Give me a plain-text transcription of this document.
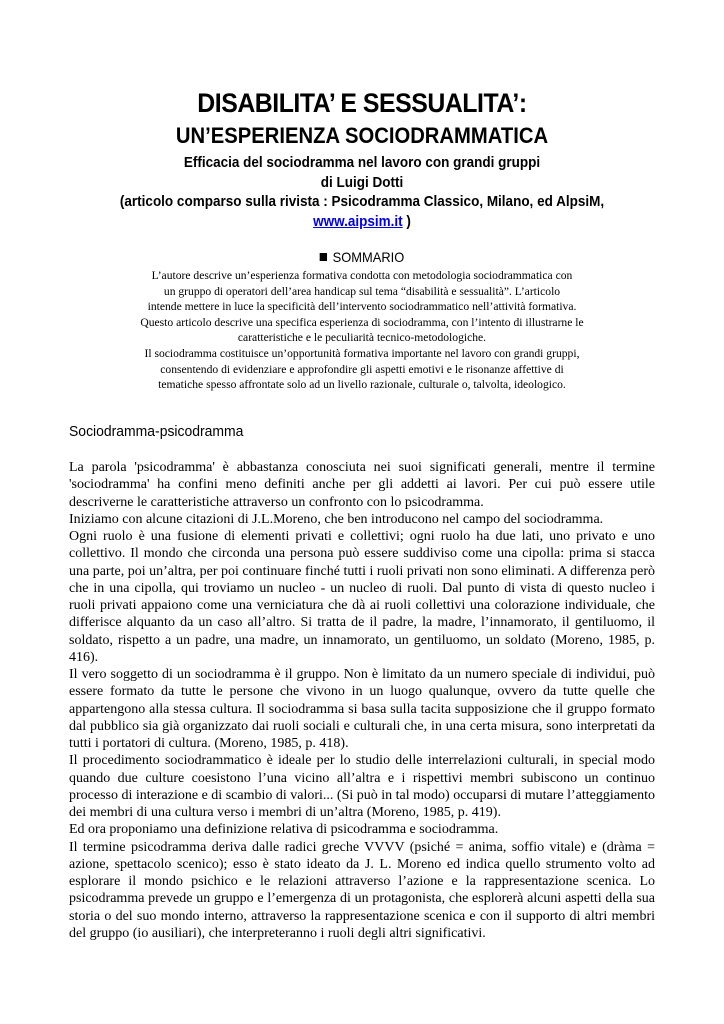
DISABILITA’ E SESSUALITA’:
UN’ESPERIENZA SOCIODRAMMATICA
Efficacia del sociodramma nel lavoro con grandi gruppi
di Luigi Dotti
(articolo comparso sulla rivista : Psicodramma Classico, Milano, ed AlpsiM,
www.aipsim.it )
SOMMARIO
L’autore descrive un’esperienza formativa condotta con metodologia sociodrammatica con
un gruppo di operatori dell’area handicap sul tema “disabilità e sessualità”. L’articolo
intende mettere in luce la specificità dell’intervento sociodrammatico nell’attività formativa.
Questo articolo descrive una specifica esperienza di sociodramma, con l’intento di illustrarne le
caratteristiche e le peculiarità tecnico-metodologiche.
Il sociodramma costituisce un’opportunità formativa importante nel lavoro con grandi gruppi,
consentendo di evidenziare e approfondire gli aspetti emotivi e le risonanze affettive di
tematiche spesso affrontate solo ad un livello razionale, culturale o, talvolta, ideologico.
Sociodramma-psicodramma

La parola 'psicodramma' è abbastanza conosciuta nei suoi significati generali, mentre il termine 'sociodramma' ha confini meno definiti anche per gli addetti ai lavori. Per cui può essere utile descriverne le caratteristiche attraverso un confronto con lo psicodramma.

Iniziamo con alcune citazioni di J.L.Moreno, che ben introducono nel campo del sociodramma.

Ogni ruolo è una fusione di elementi privati e collettivi; ogni ruolo ha due lati, uno privato e uno collettivo. Il mondo che circonda una persona può essere suddiviso come una cipolla: prima si stacca una parte, poi un’altra, per poi continuare finché tutti i ruoli privati non sono eliminati. A differenza però che in una cipolla, qui troviamo un nucleo - un nucleo di ruoli. Dal punto di vista di questo nucleo i ruoli privati appaiono come una verniciatura che dà ai ruoli collettivi una colorazione individuale, che differisce alquanto da un caso all’altro. Si tratta de il padre, la madre, l’innamorato, il gentiluomo, il soldato, rispetto a un padre, una madre, un innamorato, un gentiluomo, un soldato (Moreno, 1985, p. 416).

Il vero soggetto di un sociodramma è il gruppo. Non è limitato da un numero speciale di individui, può essere formato da tutte le persone che vivono in un luogo qualunque, ovvero da tutte quelle che appartengono alla stessa cultura. Il sociodramma si basa sulla tacita supposizione che il gruppo formato dal pubblico sia già organizzato dai ruoli sociali e culturali che, in una certa misura, sono interpretati da tutti i portatori di cultura. (Moreno, 1985, p. 418).

Il procedimento sociodrammatico è ideale per lo studio delle interrelazioni culturali, in special modo quando due culture coesistono l’una vicino all’altra e i rispettivi membri subiscono un continuo processo di interazione e di scambio di valori... (Si può in tal modo) occuparsi di mutare l’atteggiamento dei membri di una cultura verso i membri di un’altra (Moreno, 1985, p. 419).

Ed ora proponiamo una definizione relativa di psicodramma e sociodramma.

Il termine psicodramma deriva dalle radici greche VVVV (psiché = anima, soffio vitale) e (dràma = azione, spettacolo scenico); esso è stato ideato da J. L. Moreno ed indica quello strumento volto ad esplorare il mondo psichico e le relazioni attraverso l’azione e la rappresentazione scenica. Lo psicodramma prevede un gruppo e l’emergenza di un protagonista, che esplorerà alcuni aspetti della sua storia o del suo mondo interno, attraverso la rappresentazione scenica e con il supporto di altri membri del gruppo (io ausiliari), che interpreteranno i ruoli degli altri significativi.
